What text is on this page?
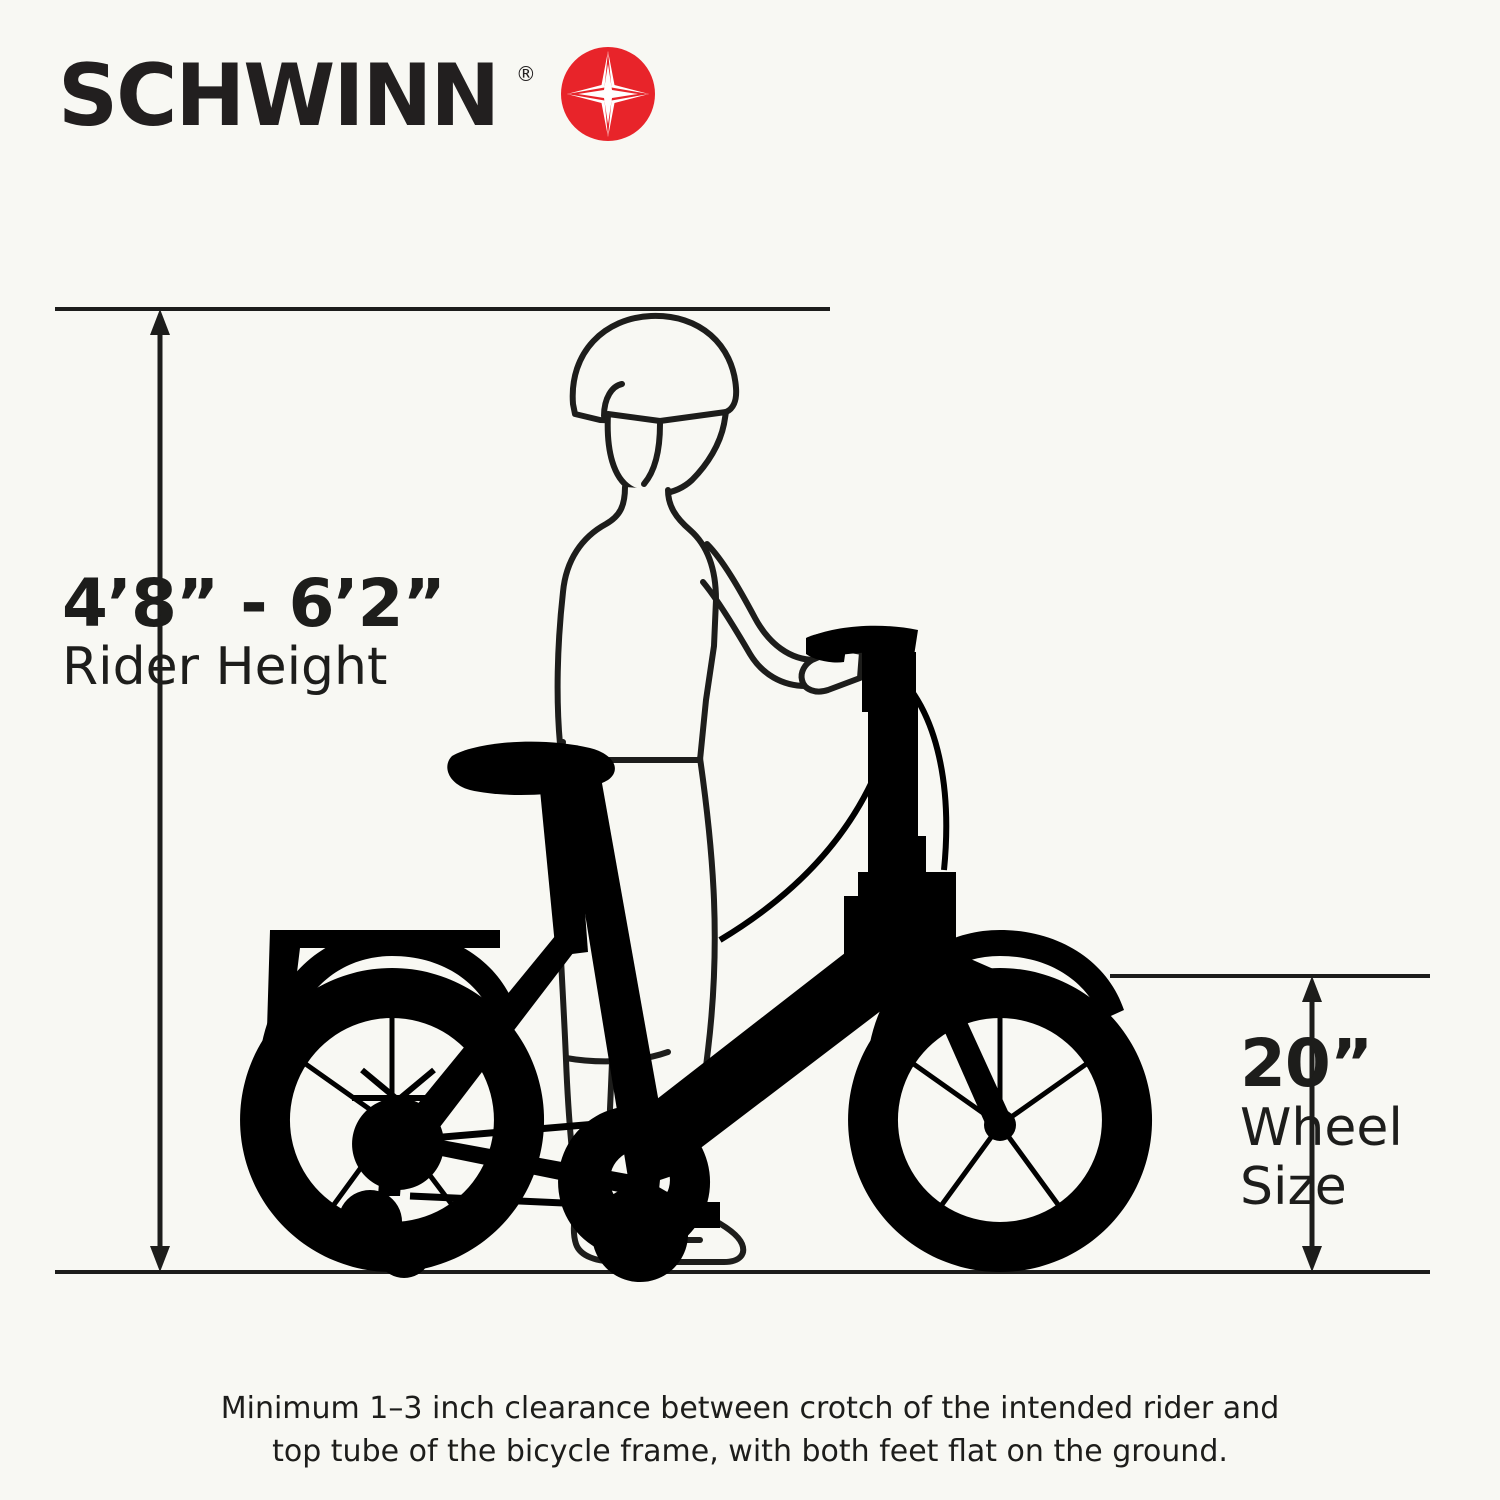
SCHWINN ®
4’8” - 6’2”
Rider Height
20”
Wheel
Size
Minimum 1–3 inch clearance between crotch of the intended rider and
top tube of the bicycle frame, with both feet flat on the ground.
